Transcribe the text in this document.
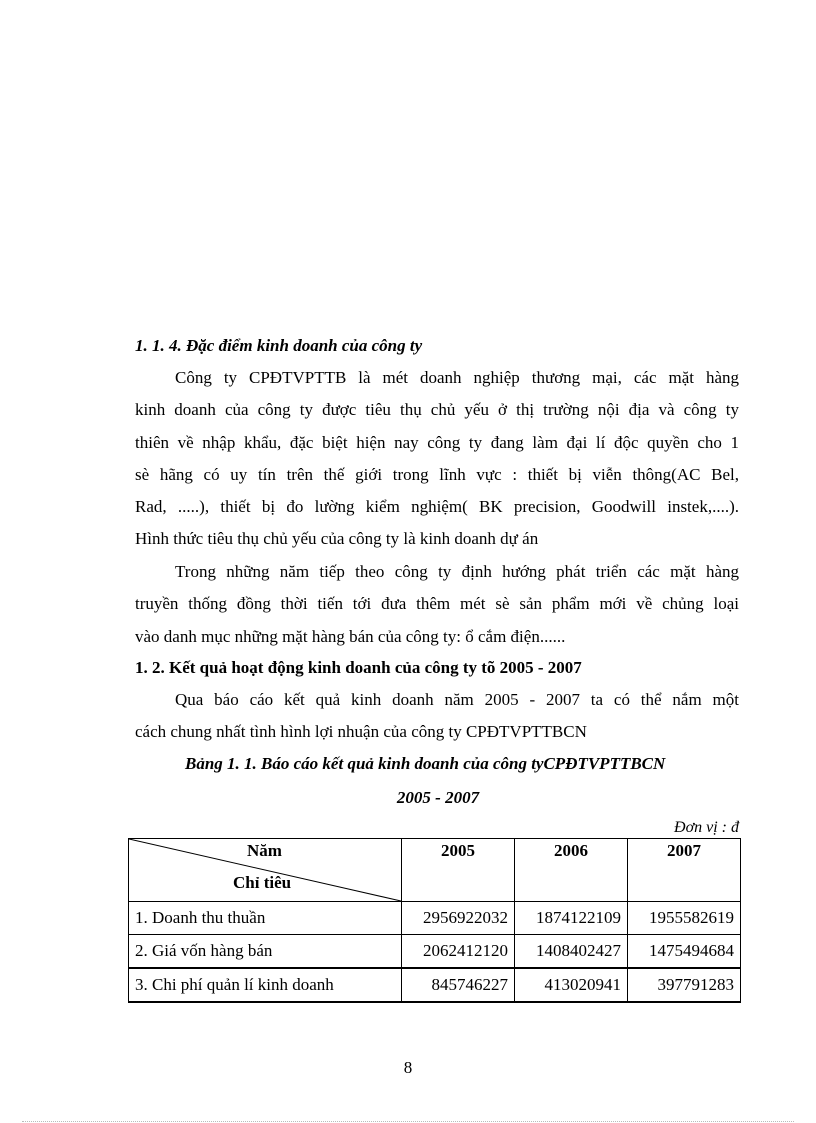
1. 1. 4. Đặc điểm kinh doanh của công ty
Công ty CPĐTVPTTB là mét doanh nghiệp thương mại, các mặt hàng
kinh doanh của công ty được tiêu thụ chủ yếu ở thị trường nội địa và công ty
thiên về nhập khẩu, đặc biệt hiện nay công ty đang làm đại lí độc quyền cho 1
sè hãng có uy tín trên thế giới trong lĩnh vực : thiết bị viễn thông(AC Bel,
Rad, .....), thiết bị đo lường kiểm nghiệm( BK precision, Goodwill instek,....).
Hình thức tiêu thụ chủ yếu của công ty là kinh doanh dự án
Trong những năm tiếp theo công ty định hướng phát triển các mặt hàng
truyền thống đồng thời tiến tới đưa thêm mét sè sản phẩm mới về chủng loại
vào danh mục những mặt hàng bán của công ty: ổ cắm điện......
1. 2. Kết quả hoạt động kinh doanh của công ty tõ 2005 - 2007
Qua báo cáo kết quả kinh doanh năm 2005 - 2007 ta có thể nắm một
cách chung nhất tình hình lợi nhuận của công ty CPĐTVPTTBCN
Bảng 1. 1. Báo cáo kết quả kinh doanh của công tyCPĐTVPTTBCN
2005 - 2007
Đơn vị : đ
Năm
Chỉ tiêu	2005	2006	2007
1. Doanh thu thuần	2956922032	1874122109	1955582619
2. Giá vốn hàng bán	2062412120	1408402427	1475494684
3. Chi phí quản lí kinh doanh	845746227	413020941	397791283
8
